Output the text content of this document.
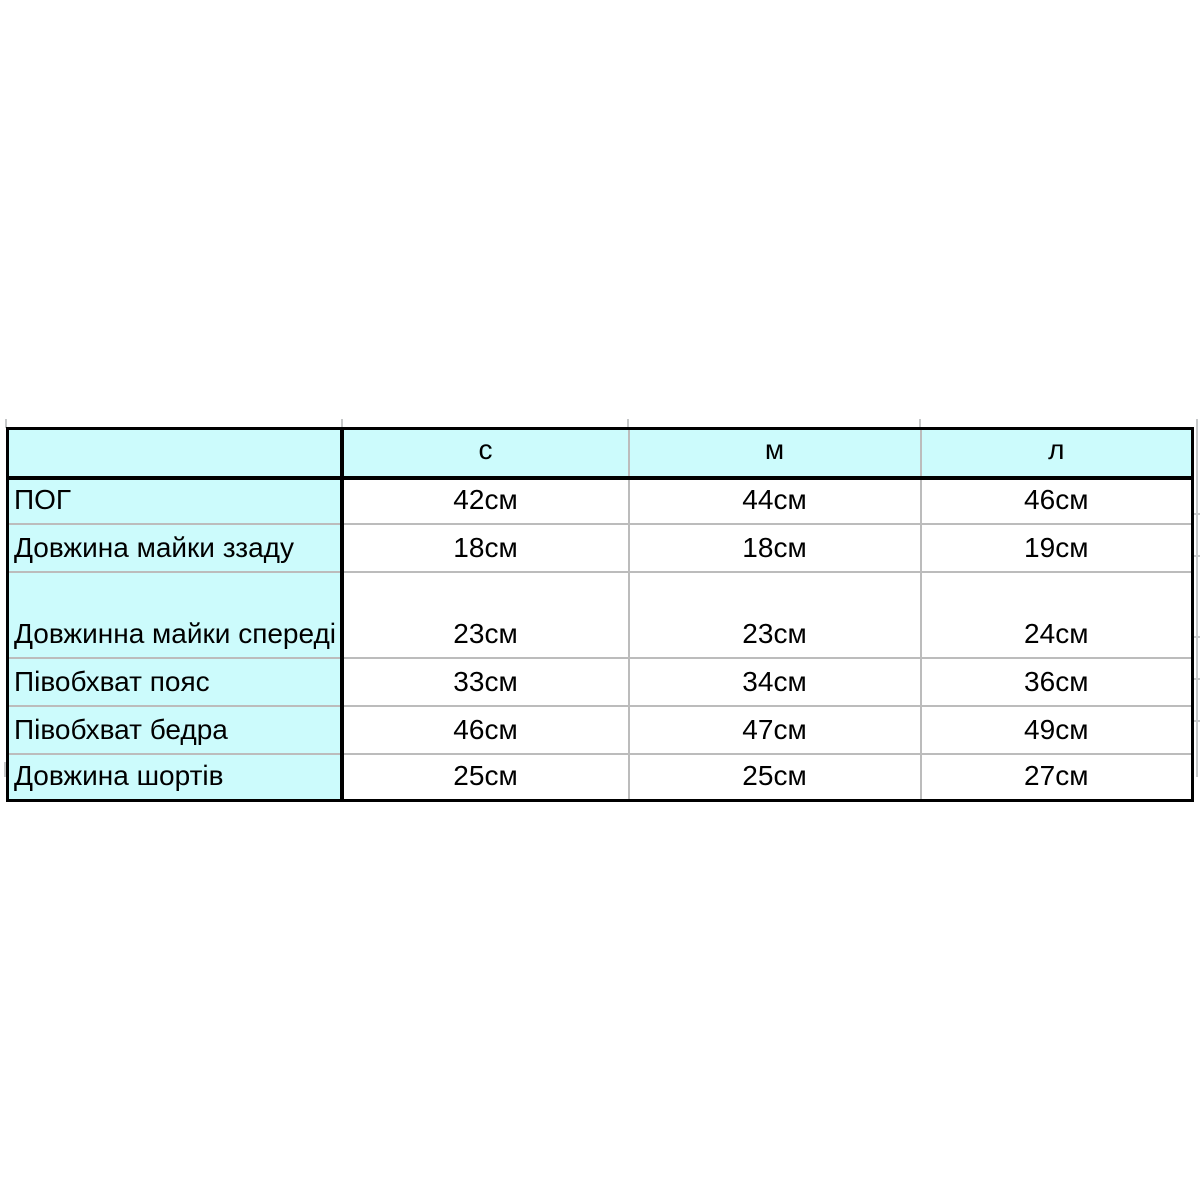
	с	м	л
ПОГ	42см	44см	46см
Довжина майки ззаду	18см	18см	19см
Довжинна майки спереді	23см	23см	24см
Півобхват пояс	33см	34см	36см
Півобхват бедра	46см	47см	49см
Довжина шортів	25см	25см	27см
